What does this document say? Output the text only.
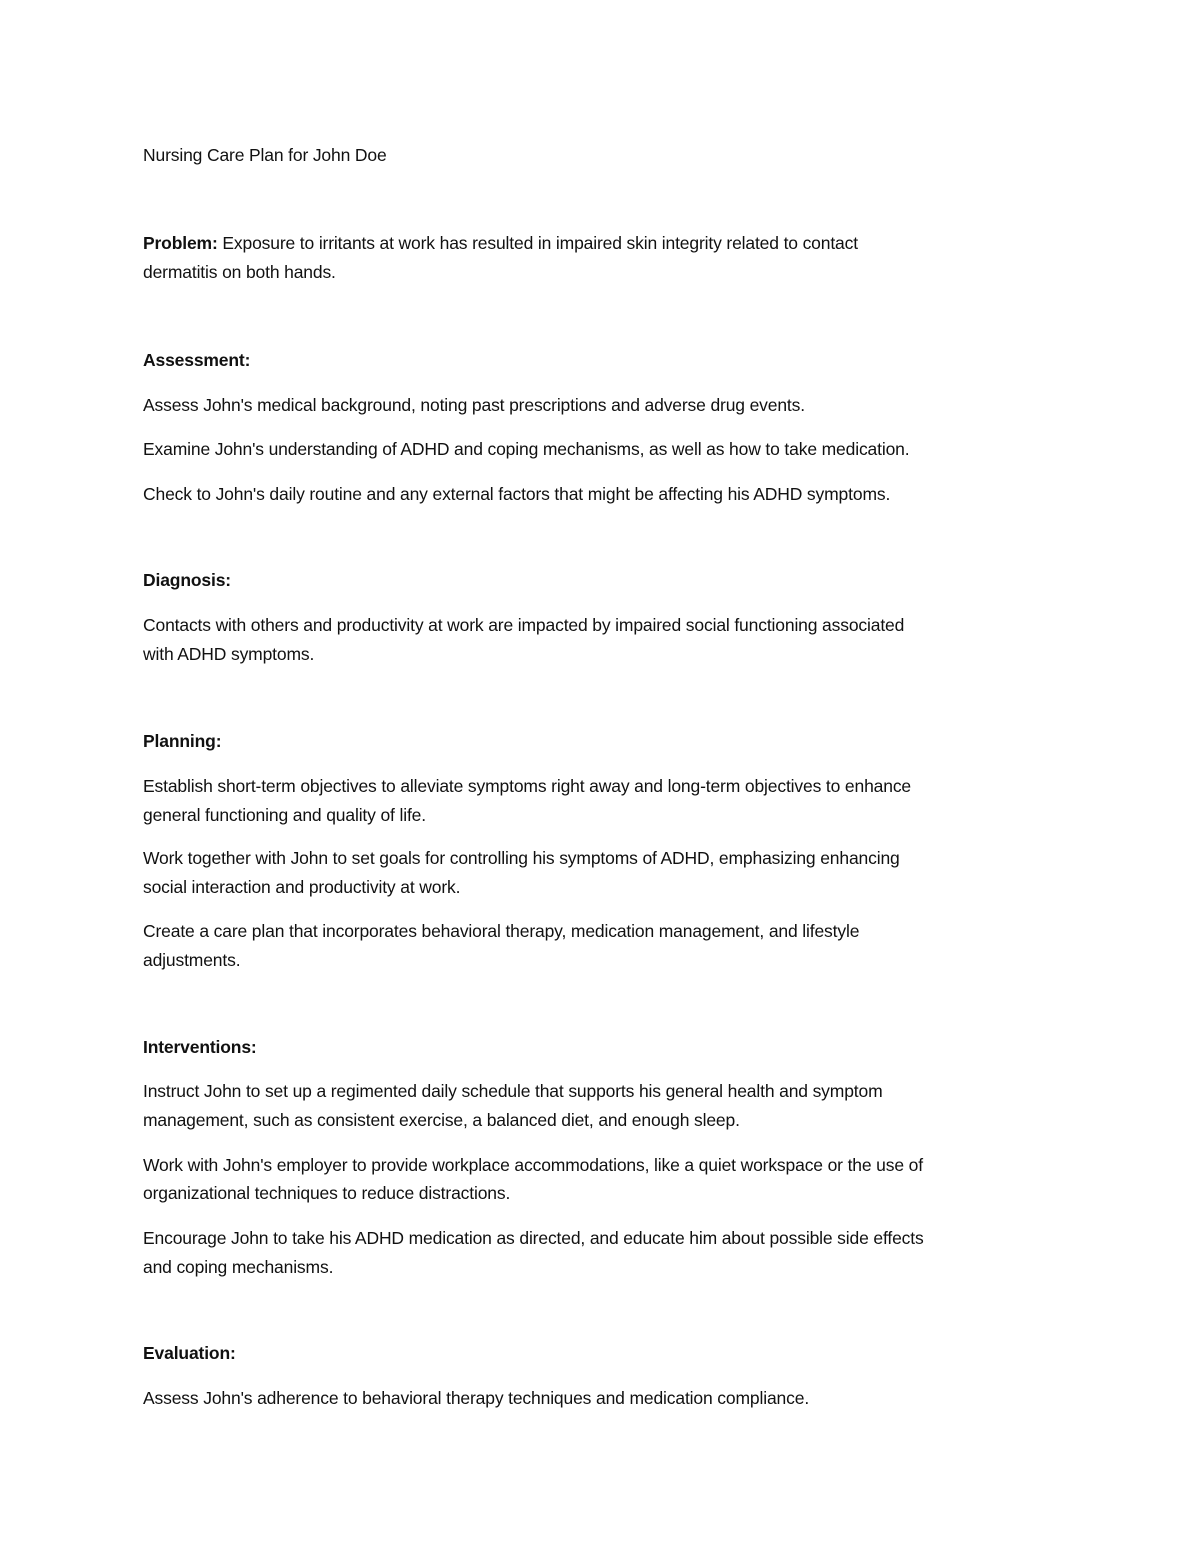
Nursing Care Plan for John Doe
Problem: Exposure to irritants at work has resulted in impaired skin integrity related to contact
dermatitis on both hands.
Assessment:
Assess John's medical background, noting past prescriptions and adverse drug events.
Examine John's understanding of ADHD and coping mechanisms, as well as how to take medication.
Check to John's daily routine and any external factors that might be affecting his ADHD symptoms.
Diagnosis:
Contacts with others and productivity at work are impacted by impaired social functioning associated
with ADHD symptoms.
Planning:
Establish short-term objectives to alleviate symptoms right away and long-term objectives to enhance
general functioning and quality of life.
Work together with John to set goals for controlling his symptoms of ADHD, emphasizing enhancing
social interaction and productivity at work.
Create a care plan that incorporates behavioral therapy, medication management, and lifestyle
adjustments.
Interventions:
Instruct John to set up a regimented daily schedule that supports his general health and symptom
management, such as consistent exercise, a balanced diet, and enough sleep.
Work with John's employer to provide workplace accommodations, like a quiet workspace or the use of
organizational techniques to reduce distractions.
Encourage John to take his ADHD medication as directed, and educate him about possible side effects
and coping mechanisms.
Evaluation:
Assess John's adherence to behavioral therapy techniques and medication compliance.
